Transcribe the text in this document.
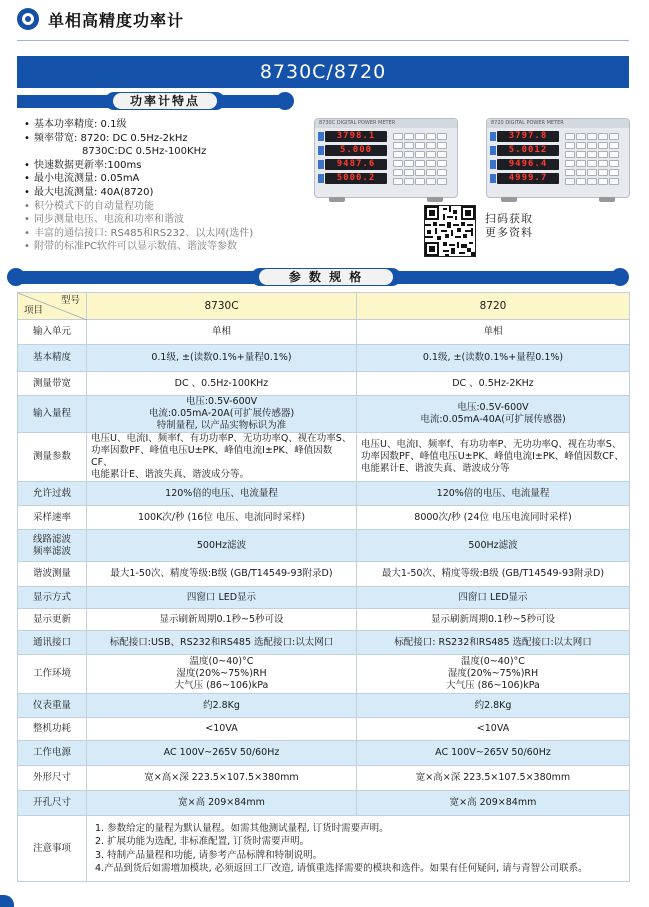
单相高精度功率计
8730C/8720
功率计特点
• 基本功率精度: 0.1级
• 频率带宽: 8720: DC 0.5Hz-2kHz
8730C:DC 0.5Hz-100KHz
• 快速数据更新率:100ms
• 最小电流测量: 0.05mA
• 最大电流测量: 40A(8720)
• 积分模式下的自动量程功能
• 同步测量电压、电流和功率和谐波
• 丰富的通信接口: RS485和RS232、以太网(选件)
• 附带的标准PC软件可以显示数值、谐波等参数
8730C DIGITAL POWER METER
3798.1
5.000
9487.6
5000.2
8720 DIGITAL POWER METER
3797.8
5.0012
9496.4
4999.7
扫码获取
更多资料
参 数 规 格
型号
项目	8730C	8720
输入单元	单相	单相
基本精度	0.1级, ±(读数0.1%+量程0.1%)	0.1级, ±(读数0.1%+量程0.1%)
测量带宽	DC 、0.5Hz-100KHz	DC 、0.5Hz-2KHz
输入量程	电压:0.5V-600V
电流:0.05mA-20A(可扩展传感器)
特制量程, 以产品实物标识为准	电压:0.5V-600V
电流:0.05mA-40A(可扩展传感器)
测量参数	电压U、电流I、频率f、有功功率P、无功功率Q、视在功率S、
功率因数PF、峰值电压U±PK、峰值电流I±PK、峰值因数CF、
电能累计E、谐波失真、谐波成分等。	电压U、电流I、频率f、有功功率P、无功功率Q、视在功率S、
功率因数PF、峰值电压U±PK、峰值电流I±PK、峰值因数CF、
电能累计E、谐波失真、谐波成分等
允许过载	120%倍的电压、电流量程	120%倍的电压、电流量程
采样速率	100K次/秒 (16位 电压、电流同时采样)	8000次/秒 (24位 电压电流同时采样)
线路滤波
频率滤波	500Hz滤波	500Hz滤波
谐波测量	最大1-50次、精度等级:B级 (GB/T14549-93附录D)	最大1-50次、精度等级:B级 (GB/T14549-93附录D)
显示方式	四窗口 LED显示	四窗口 LED显示
显示更新	显示刷新周期0.1秒~5秒可设	显示刷新周期0.1秒~5秒可设
通讯接口	标配接口:USB、RS232和RS485 选配接口:以太网口	标配接口: RS232和RS485 选配接口:以太网口
工作环境	温度(0~40)°C
湿度(20%~75%)RH
大气压 (86~106)kPa	温度(0~40)°C
湿度(20%~75%)RH
大气压 (86~106)kPa
仪表重量	约2.8Kg	约2.8Kg
整机功耗	<10VA	<10VA
工作电源	AC 100V~265V 50/60Hz	AC 100V~265V 50/60Hz
外形尺寸	宽×高×深 223.5×107.5×380mm	宽×高×深 223.5×107.5×380mm
开孔尺寸	宽×高 209×84mm	宽×高 209×84mm
注意事项	1. 参数给定的量程为默认量程。如需其他测试量程, 订货时需要声明。
2. 扩展功能为选配, 非标准配置, 订货时需要声明。
3. 特制产品量程和功能, 请参考产品标牌和特制说明。
4.产品到货后如需增加模块, 必须返回工厂改造, 请慎重选择需要的模块和选件。如果有任何疑问, 请与青智公司联系。	
